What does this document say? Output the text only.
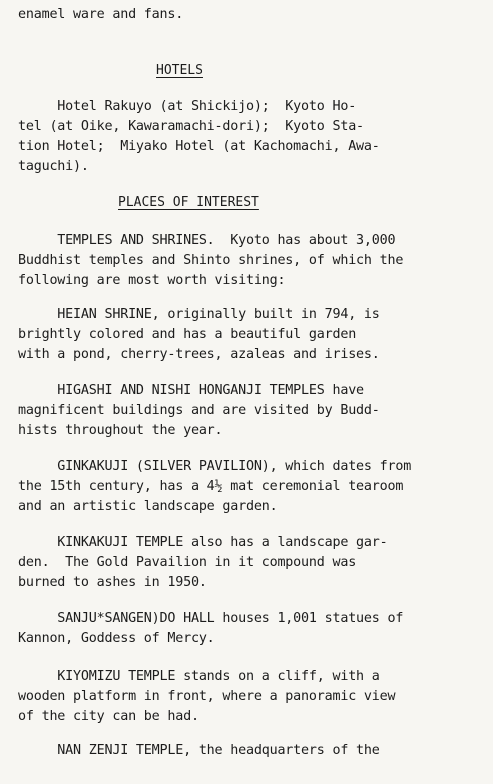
enamel ware and fans.

HOTELS

Hotel Rakuyo (at Shickijo);  Kyoto Ho-

tel (at Oike, Kawaramachi-dori);  Kyoto Sta-

tion Hotel;  Miyako Hotel (at Kachomachi, Awa-

taguchi).

PLACES OF INTEREST

TEMPLES AND SHRINES.  Kyoto has about 3,000

Buddhist temples and Shinto shrines, of which the

following are most worth visiting:

HEIAN SHRINE, originally built in 794, is

brightly colored and has a beautiful garden

with a pond, cherry-trees, azaleas and irises.

HIGASHI AND NISHI HONGANJI TEMPLES have

magnificent buildings and are visited by Budd-

hists throughout the year.

GINKAKUJI (SILVER PAVILION), which dates from

the 15th century, has a 4½ mat ceremonial tearoom

and an artistic landscape garden.

KINKAKUJI TEMPLE also has a landscape gar-

den.  The Gold Pavailion in it compound was

burned to ashes in 1950.

SANJU*SANGEN)DO HALL houses 1,001 statues of

Kannon, Goddess of Mercy.

KIYOMIZU TEMPLE stands on a cliff, with a

wooden platform in front, where a panoramic view

of the city can be had.

NAN ZENJI TEMPLE, the headquarters of the
